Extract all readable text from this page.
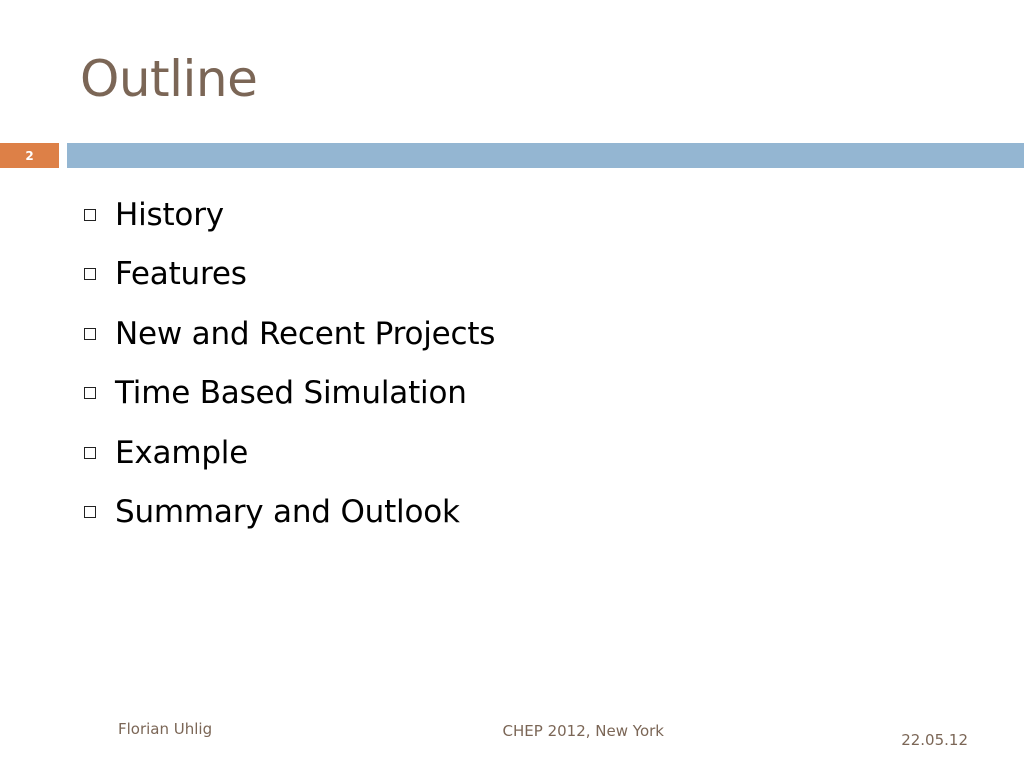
Outline
2
History
Features
New and Recent Projects
Time Based Simulation
Example
Summary and Outlook
Florian Uhlig	CHEP 2012, New York	22.05.12
